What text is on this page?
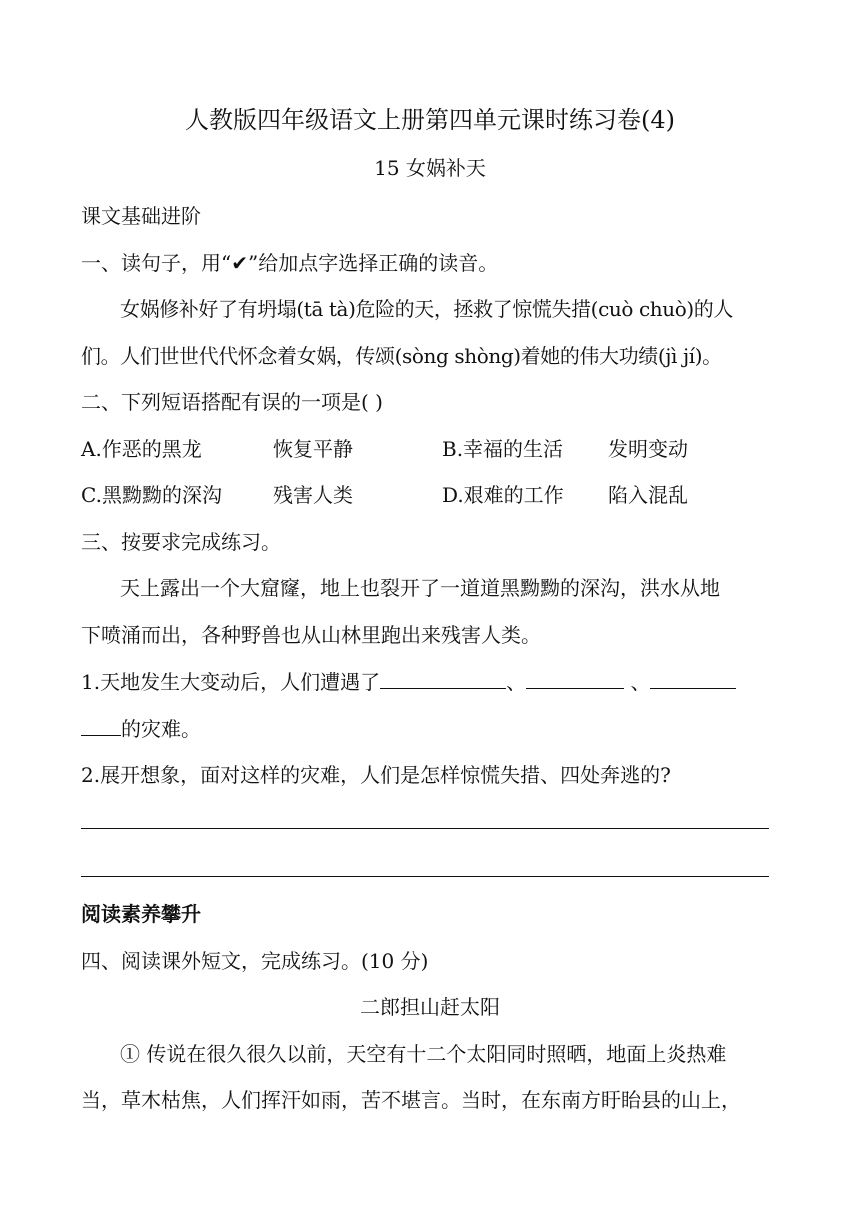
人教版四年级语文上册第四单元课时练习卷(4)
15 女娲补天
课文基础进阶
一、读句子，用“✔”给加点字选择正确的读音。
女娲修补好了有坍塌(tā tà)危险的天，拯救了惊慌失措(cuò chuò)的人
们。人们世世代代怀念着女娲，传颂(sòng shòng)着她的伟大功绩(jì jí)。
二、下列短语搭配有误的一项是( )
A.作恶的黑龙	恢复平静	B.幸福的生活 发明变动
C.黑黝黝的深沟	残害人类	D.艰难的工作 陷入混乱
三、按要求完成练习。
天上露出一个大窟窿，地上也裂开了一道道黑黝黝的深沟，洪水从地
下喷涌而出，各种野兽也从山林里跑出来残害人类。
1.天地发生大变动后，人们遭遇了	、	、
的灾难。
2.展开想象，面对这样的灾难，人们是怎样惊慌失措、四处奔逃的?
阅读素养攀升
四、阅读课外短文，完成练习。(10 分)
二郎担山赶太阳
① 传说在很久很久以前，天空有十二个太阳同时照晒，地面上炎热难
当，草木枯焦，人们挥汗如雨，苦不堪言。当时，在东南方盱眙县的山上，
